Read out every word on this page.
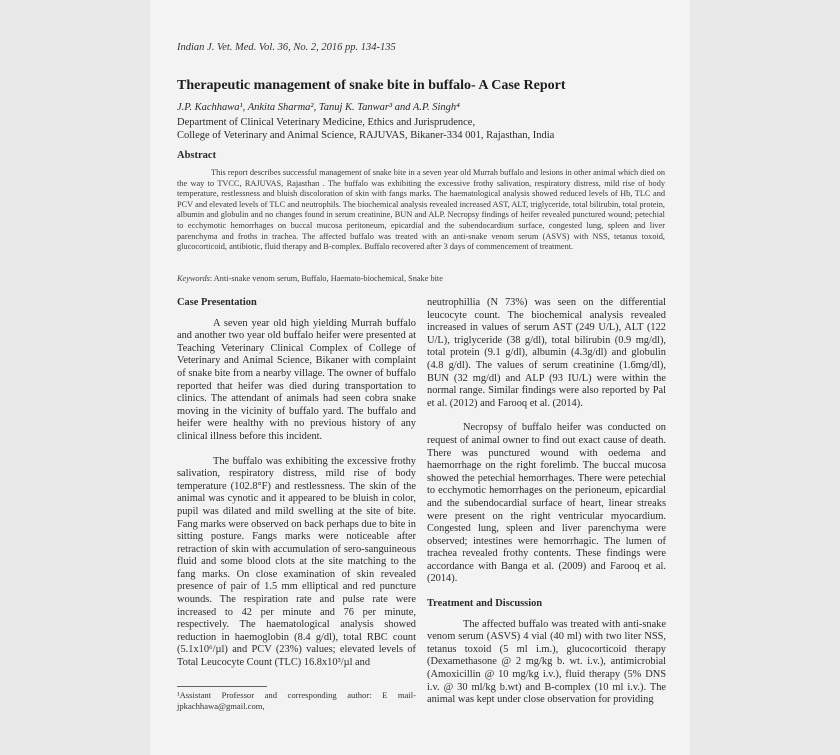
Indian J. Vet. Med. Vol. 36, No. 2, 2016 pp. 134-135
Therapeutic management of snake bite in buffalo- A Case Report
J.P. Kachhawa¹, Ankita Sharma², Tanuj K. Tanwar³ and A.P. Singh⁴
Department of Clinical Veterinary Medicine, Ethics and Jurisprudence,
College of Veterinary and Animal Science, RAJUVAS, Bikaner-334 001, Rajasthan, India
Abstract
This report describes successful management of snake bite in a seven year old Murrah buffalo and lesions in other animal which died on the way to TVCC, RAJUVAS, Rajasthan . The buffalo was exhibiting the excessive frothy salivation, respiratory distress, mild rise of body temperature, restlessness and bluish discoloration of skin with fangs marks. The haematological analysis showed reduced levels of Hb, TLC and PCV and elevated levels of TLC and neutrophils. The biochemical analysis revealed increased AST, ALT, triglyceride, total bilirubin, total protein, albumin and globulin and no changes found in serum creatinine, BUN and ALP. Necropsy findings of heifer revealed punctured wound; petechial to ecchymotic hemorrhages on buccal mucosa peritoneum, epicardial and the subendocardium surface, congested lung, spleen and liver parenchyma and froths in trachea. The affected buffalo was treated with an anti-snake venom serum (ASVS) with NSS, tetanus toxoid, glucocorticoid, antibiotic, fluid therapy and B-complex. Buffalo recovered after 3 days of commencement of treatment.
Keywords: Anti-snake venom serum, Buffalo, Haemato-biochemical, Snake bite
Case Presentation

A seven year old high yielding Murrah buffalo and another two year old buffalo heifer were presented at Teaching Veterinary Clinical Complex of College of Veterinary and Animal Science, Bikaner with complaint of snake bite from a nearby village. The owner of buffalo reported that heifer was died during transportation to clinics. The attendant of animals had seen cobra snake moving in the vicinity of buffalo yard. The buffalo and heifer were healthy with no previous history of any clinical illness before this incident.

The buffalo was exhibiting the excessive frothy salivation, respiratory distress, mild rise of body temperature (102.8°F) and restlessness. The skin of the animal was cynotic and it appeared to be bluish in color, pupil was dilated and mild swelling at the site of bite. Fang marks were observed on back perhaps due to bite in sitting posture. Fangs marks were noticeable after retraction of skin with accumulation of sero-sanguineous fluid and some blood clots at the site matching to the fang marks. On close examination of skin revealed presence of pair of 1.5 mm elliptical and red puncture wounds. The respiration rate and pulse rate were increased to 42 per minute and 76 per minute, respectively. The haematological analysis showed reduction in haemoglobin (8.4 g/dl), total RBC count (5.1x10⁶/µl) and PCV (23%) values; elevated levels of Total Leucocyte Count (TLC) 16.8x10³/µl and

neutrophillia (N 73%) was seen on the differential leucocyte count. The biochemical analysis revealed increased in values of serum AST (249 U/L), ALT (122 U/L), triglyceride (38 g/dl), total bilirubin (0.9 mg/dl), total protein (9.1 g/dl), albumin (4.3g/dl) and globulin (4.8 g/dl). The values of serum creatinine (1.6mg/dl), BUN (32 mg/dl) and ALP (93 IU/L) were within the normal range. Similar findings were also reported by Pal et al. (2012) and Farooq et al. (2014).

Necropsy of buffalo heifer was conducted on request of animal owner to find out exact cause of death. There was punctured wound with oedema and haemorrhage on the right forelimb. The buccal mucosa showed the petechial hemorrhages. There were petechial to ecchymotic hemorrhages on the perioneum, epicardial and the subendocardial surface of heart, linear streaks were present on the right ventricular myocardium. Congested lung, spleen and liver parenchyma were observed; intestines were hemorrhagic. The lumen of trachea revealed frothy contents. These findings were accordance with Banga et al. (2009) and Farooq et al. (2014).

Treatment and Discussion

The affected buffalo was treated with anti-snake venom serum (ASVS) 4 vial (40 ml) with two liter NSS, tetanus toxoid (5 ml i.m.), glucocorticoid therapy (Dexamethasone @ 2 mg/kg b. wt. i.v.), antimicrobial (Amoxicillin @ 10 mg/kg i.v.), fluid therapy (5% DNS i.v. @ 30 ml/kg b.wt) and B-complex (10 ml i.v.). The animal was kept under close observation for providing

¹Assistant Professor and corresponding author: E mail-jpkachhawa@gmail.com,
